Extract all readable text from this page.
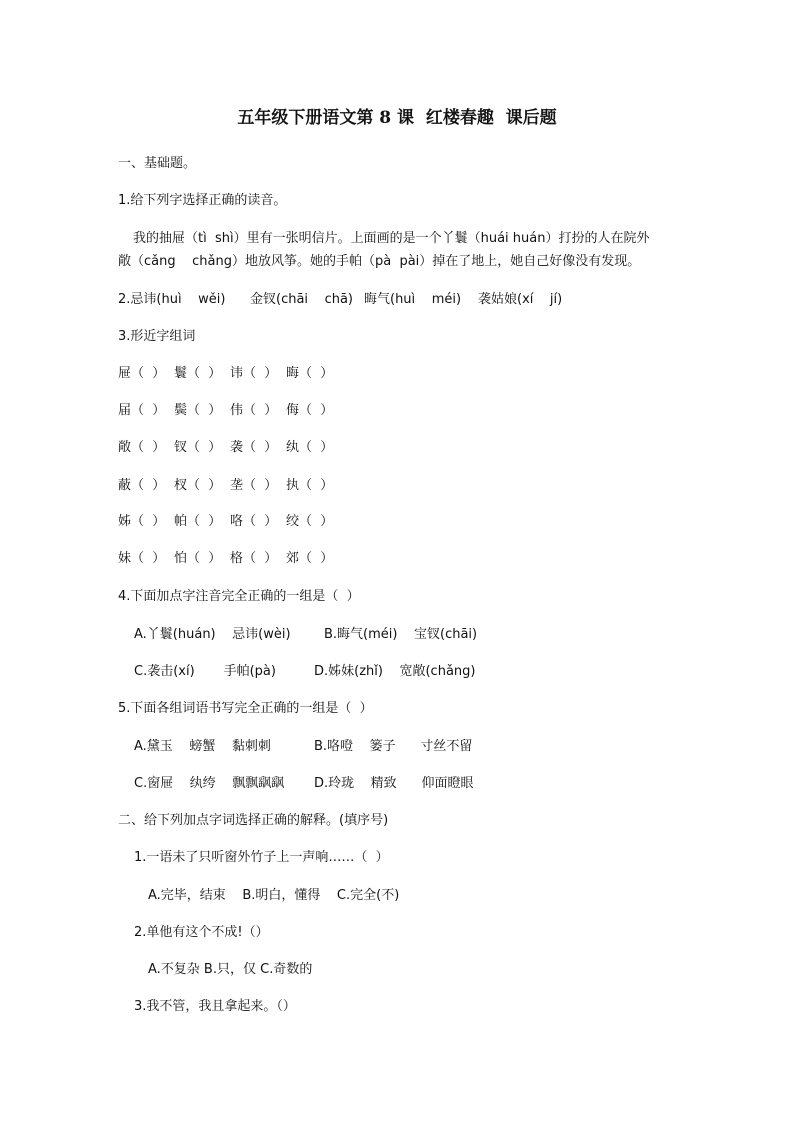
五年级下册语文第 8 课  红楼春趣  课后题
一、基础题。
1.给下列字选择正确的读音。
我的抽屉（tì  shì）里有一张明信片。上面画的是一个丫鬟（huái huán）打扮的人在院外
敞（cǎng    chǎng）地放风筝。她的手帕（pà  pài）掉在了地上，她自己好像没有发现。
2.忌讳(huì    wěi) 金钗(chāi    chā) 晦气(huì    méi) 袭姑娘(xí    jí)
3.形近字组词
屉（  ） 鬟（  ） 讳（  ） 晦（  ）
届（  ） 鬓（  ） 伟（  ） 侮（  ）
敞（  ） 钗（  ） 袭（  ） 纨（  ）
蔽（  ） 杈（  ） 垄（  ） 执（  ）
姊（  ） 帕（  ） 咯（  ） 绞（  ）
妹（  ） 怕（  ） 格（  ） 郊（  ）
4.下面加点字注音完全正确的一组是（  ）
A.丫鬟(huán)    忌讳(wèi)	B.晦气(méi)    宝钗(chāi)
C.袭击(xí)       手帕(pà)	D.姊妹(zhǐ)    宽敞(chǎng)
5.下面各组词语书写完全正确的一组是（  ）
A.黛玉    螃蟹    黏刺刺	B.咯噔    篓子      寸丝不留
C.窗屉    纨绔    飘飘飖飖 D.玲珑    精致      仰面瞪眼
二、给下列加点字词选择正确的解释。(填序号)
1.一语未了只听窗外竹子上一声响……（  ）
A.完毕，结束    B.明白，懂得    C.完全(不)
2.单他有这个不成!（）
A.不复杂 B.只，仅 C.奇数的
3.我不管，我且拿起来。（）
